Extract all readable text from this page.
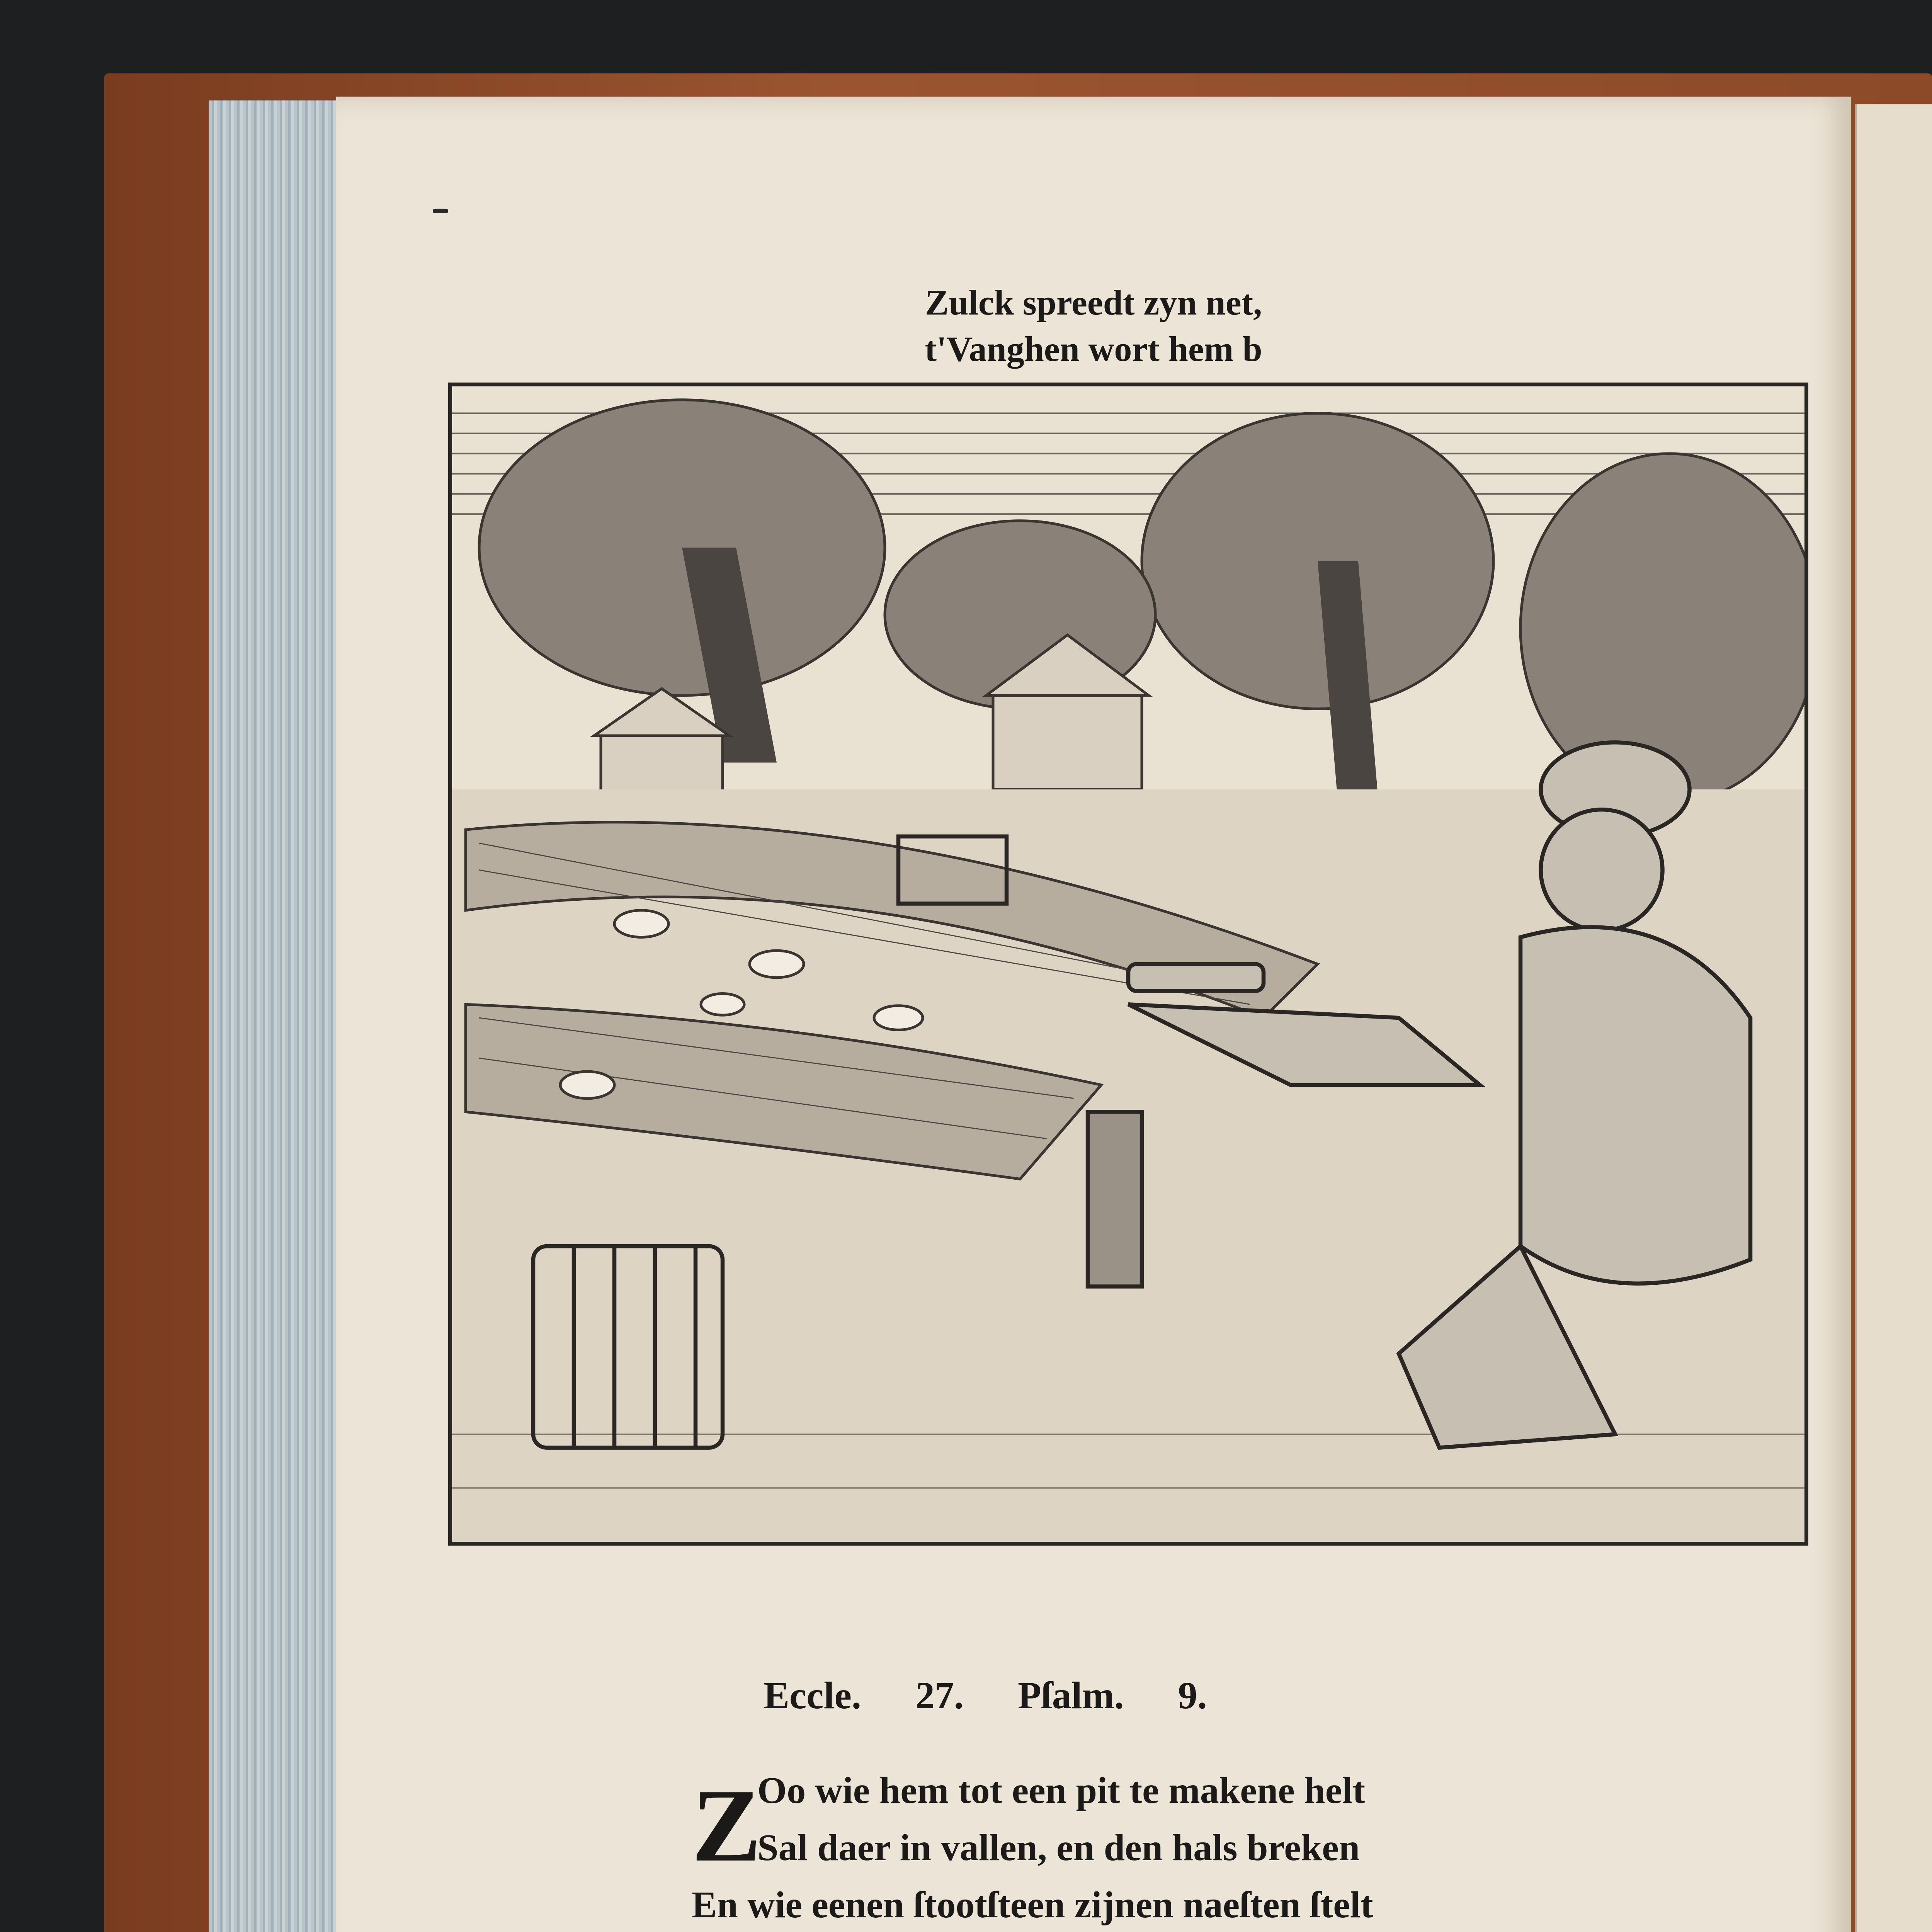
Zulck spreedt zyn net,
t'Vanghen wort hem b
Eccle. 27. Pſalm. 9.
Z
Oo wie hem tot een pit te makene helt
Sal daer in vallen, en den hals breken
En wie eenen ſtootſteen zijnen naeſten ſtelt
